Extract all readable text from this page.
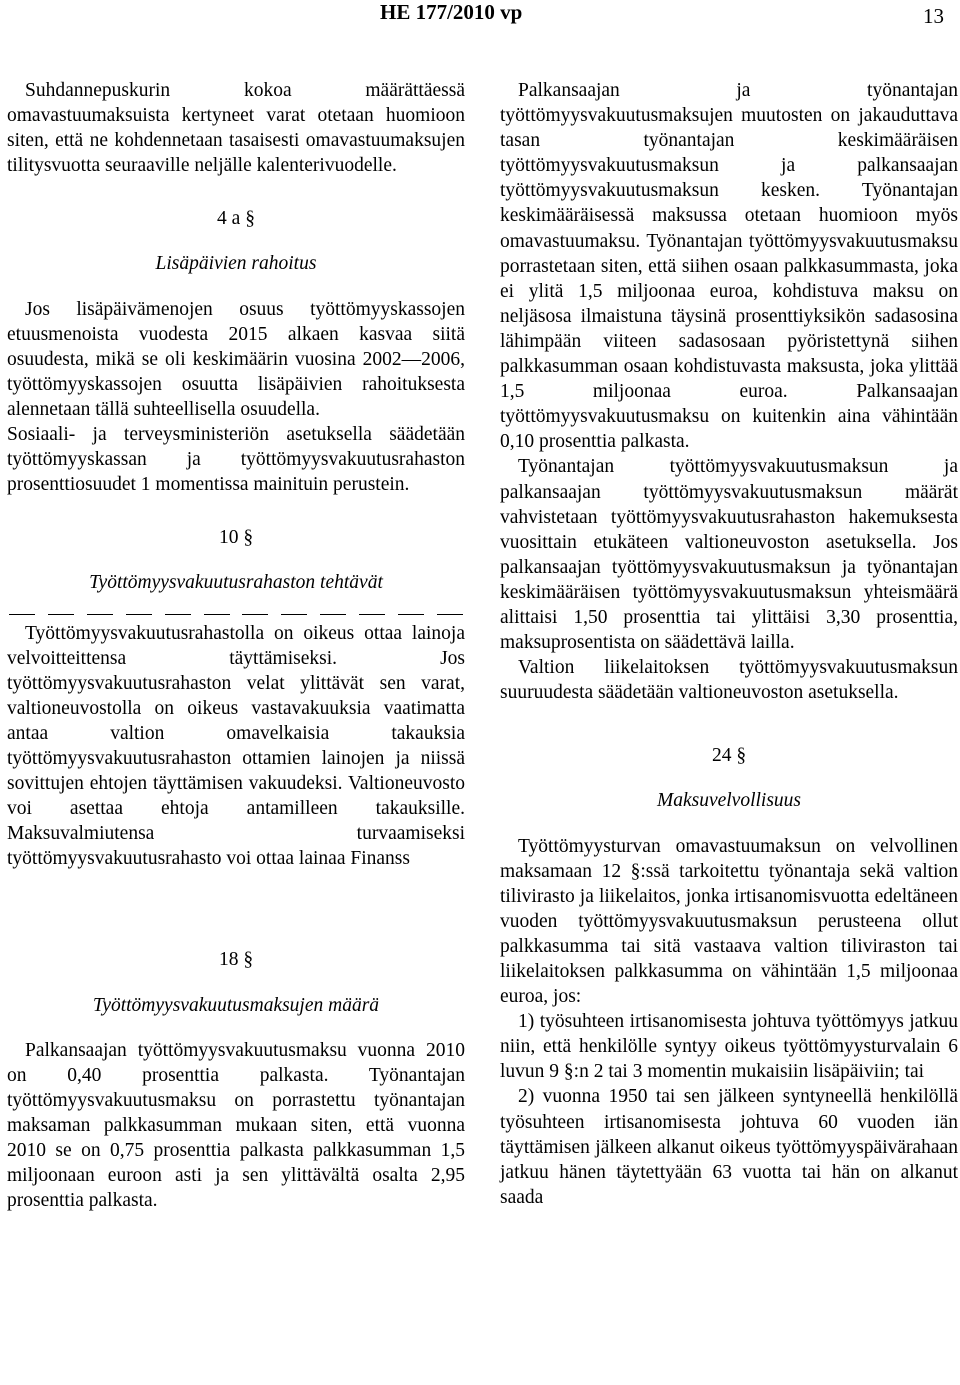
HE 177/2010 vp	13

Suhdannepuskurin kokoa määrättäessä omavastuumaksuista kertyneet varat otetaan huomioon siten, että ne kohdennetaan tasaisesti omavastuumaksujen tilitysvuotta seuraaville neljälle kalenterivuodelle.

4 a §

Lisäpäivien rahoitus

Jos lisäpäivämenojen osuus työttömyyskassojen etuusmenoista vuodesta 2015 alkaen kasvaa siitä osuudesta, mikä se oli keskimäärin vuosina 2002—2006, työttömyyskassojen osuutta lisäpäivien rahoituksesta alennetaan tällä suhteellisella osuudella.

Sosiaali- ja terveysministeriön asetuksella säädetään työttömyyskassan ja työttömyysvakuutusrahaston prosenttiosuudet 1 momentissa mainituin perustein.

10 §

Työttömyysvakuutusrahaston tehtävät

Työttömyysvakuutusrahastolla on oikeus ottaa lainoja velvoitteittensa täyttämiseksi. Jos työttömyysvakuutusrahaston velat ylittävät sen varat, valtioneuvostolla on oikeus vastavakuuksia vaatimatta antaa valtion omavelkaisia takauksia työttömyysvakuutusrahaston ottamien lainojen ja niissä sovittujen ehtojen täyttämisen vakuudeksi. Valtioneuvosto voi asettaa ehtoja antamilleen takauksille. Maksuvalmiutensa turvaamiseksi työttömyysvakuutusrahasto voi ottaa lainaa Finanss

18 §

Työttömyysvakuutusmaksujen määrä

Palkansaajan työttömyysvakuutusmaksu vuonna 2010 on 0,40 prosenttia palkasta. Työnantajan työttömyysvakuutusmaksu on porrastettu työnantajan maksaman palkkasumman mukaan siten, että vuonna 2010 se on 0,75 prosenttia palkasta palkkasumman 1,5 miljoonaan euroon asti ja sen ylittävältä osalta 2,95 prosenttia palkasta.

Palkansaajan ja työnantajan työttömyysvakuutusmaksujen muutosten on jakauduttava tasan työnantajan keskimääräisen työttömyysvakuutusmaksun ja palkansaajan työttömyysvakuutusmaksun kesken. Työnantajan keskimääräisessä maksussa otetaan huomioon myös omavastuumaksu. Työnantajan työttömyysvakuutusmaksu porrastetaan siten, että siihen osaan palkkasummasta, joka ei ylitä 1,5 miljoonaa euroa, kohdistuva maksu on neljäsosa ilmaistuna täysinä prosenttiyksikön sadasosina lähimpään viiteen sadasosaan pyöristettynä siihen palkkasumman osaan kohdistuvasta maksusta, joka ylittää 1,5 miljoonaa euroa. Palkansaajan työttömyysvakuutusmaksu on kuitenkin aina vähintään 0,10 prosenttia palkasta.

Työnantajan työttömyysvakuutusmaksun ja palkansaajan työttömyysvakuutusmaksun määrät vahvistetaan työttömyysvakuutusrahaston hakemuksesta vuosittain etukäteen valtioneuvoston asetuksella. Jos palkansaajan työttömyysvakuutusmaksun ja työnantajan keskimääräisen työttömyysvakuutusmaksun yhteismäärä alittaisi 1,50 prosenttia tai ylittäisi 3,30 prosenttia, maksuprosentista on säädettävä lailla.

Valtion liikelaitoksen työttömyysvakuutusmaksun suuruudesta säädetään valtioneuvoston asetuksella.

24 §

Maksuvelvollisuus

Työttömyysturvan omavastuumaksun on velvollinen maksamaan 12 §:ssä tarkoitettu työnantaja sekä valtion tilivirasto ja liikelaitos, jonka irtisanomisvuotta edeltäneen vuoden työttömyysvakuutusmaksun perusteena ollut palkkasumma tai sitä vastaava valtion tiliviraston tai liikelaitoksen palkkasumma on vähintään 1,5 miljoonaa euroa, jos:

1) työsuhteen irtisanomisesta johtuva työttömyys jatkuu niin, että henkilölle syntyy oikeus työttömyysturvalain 6 luvun 9 §:n 2 tai 3 momentin mukaisiin lisäpäiviin; tai

2) vuonna 1950 tai sen jälkeen syntyneellä henkilöllä työsuhteen irtisanomisesta johtuva 60 vuoden iän täyttämisen jälkeen alkanut oikeus työttömyyspäivärahaan jatkuu hänen täytettyään 63 vuotta tai hän on alkanut saada
